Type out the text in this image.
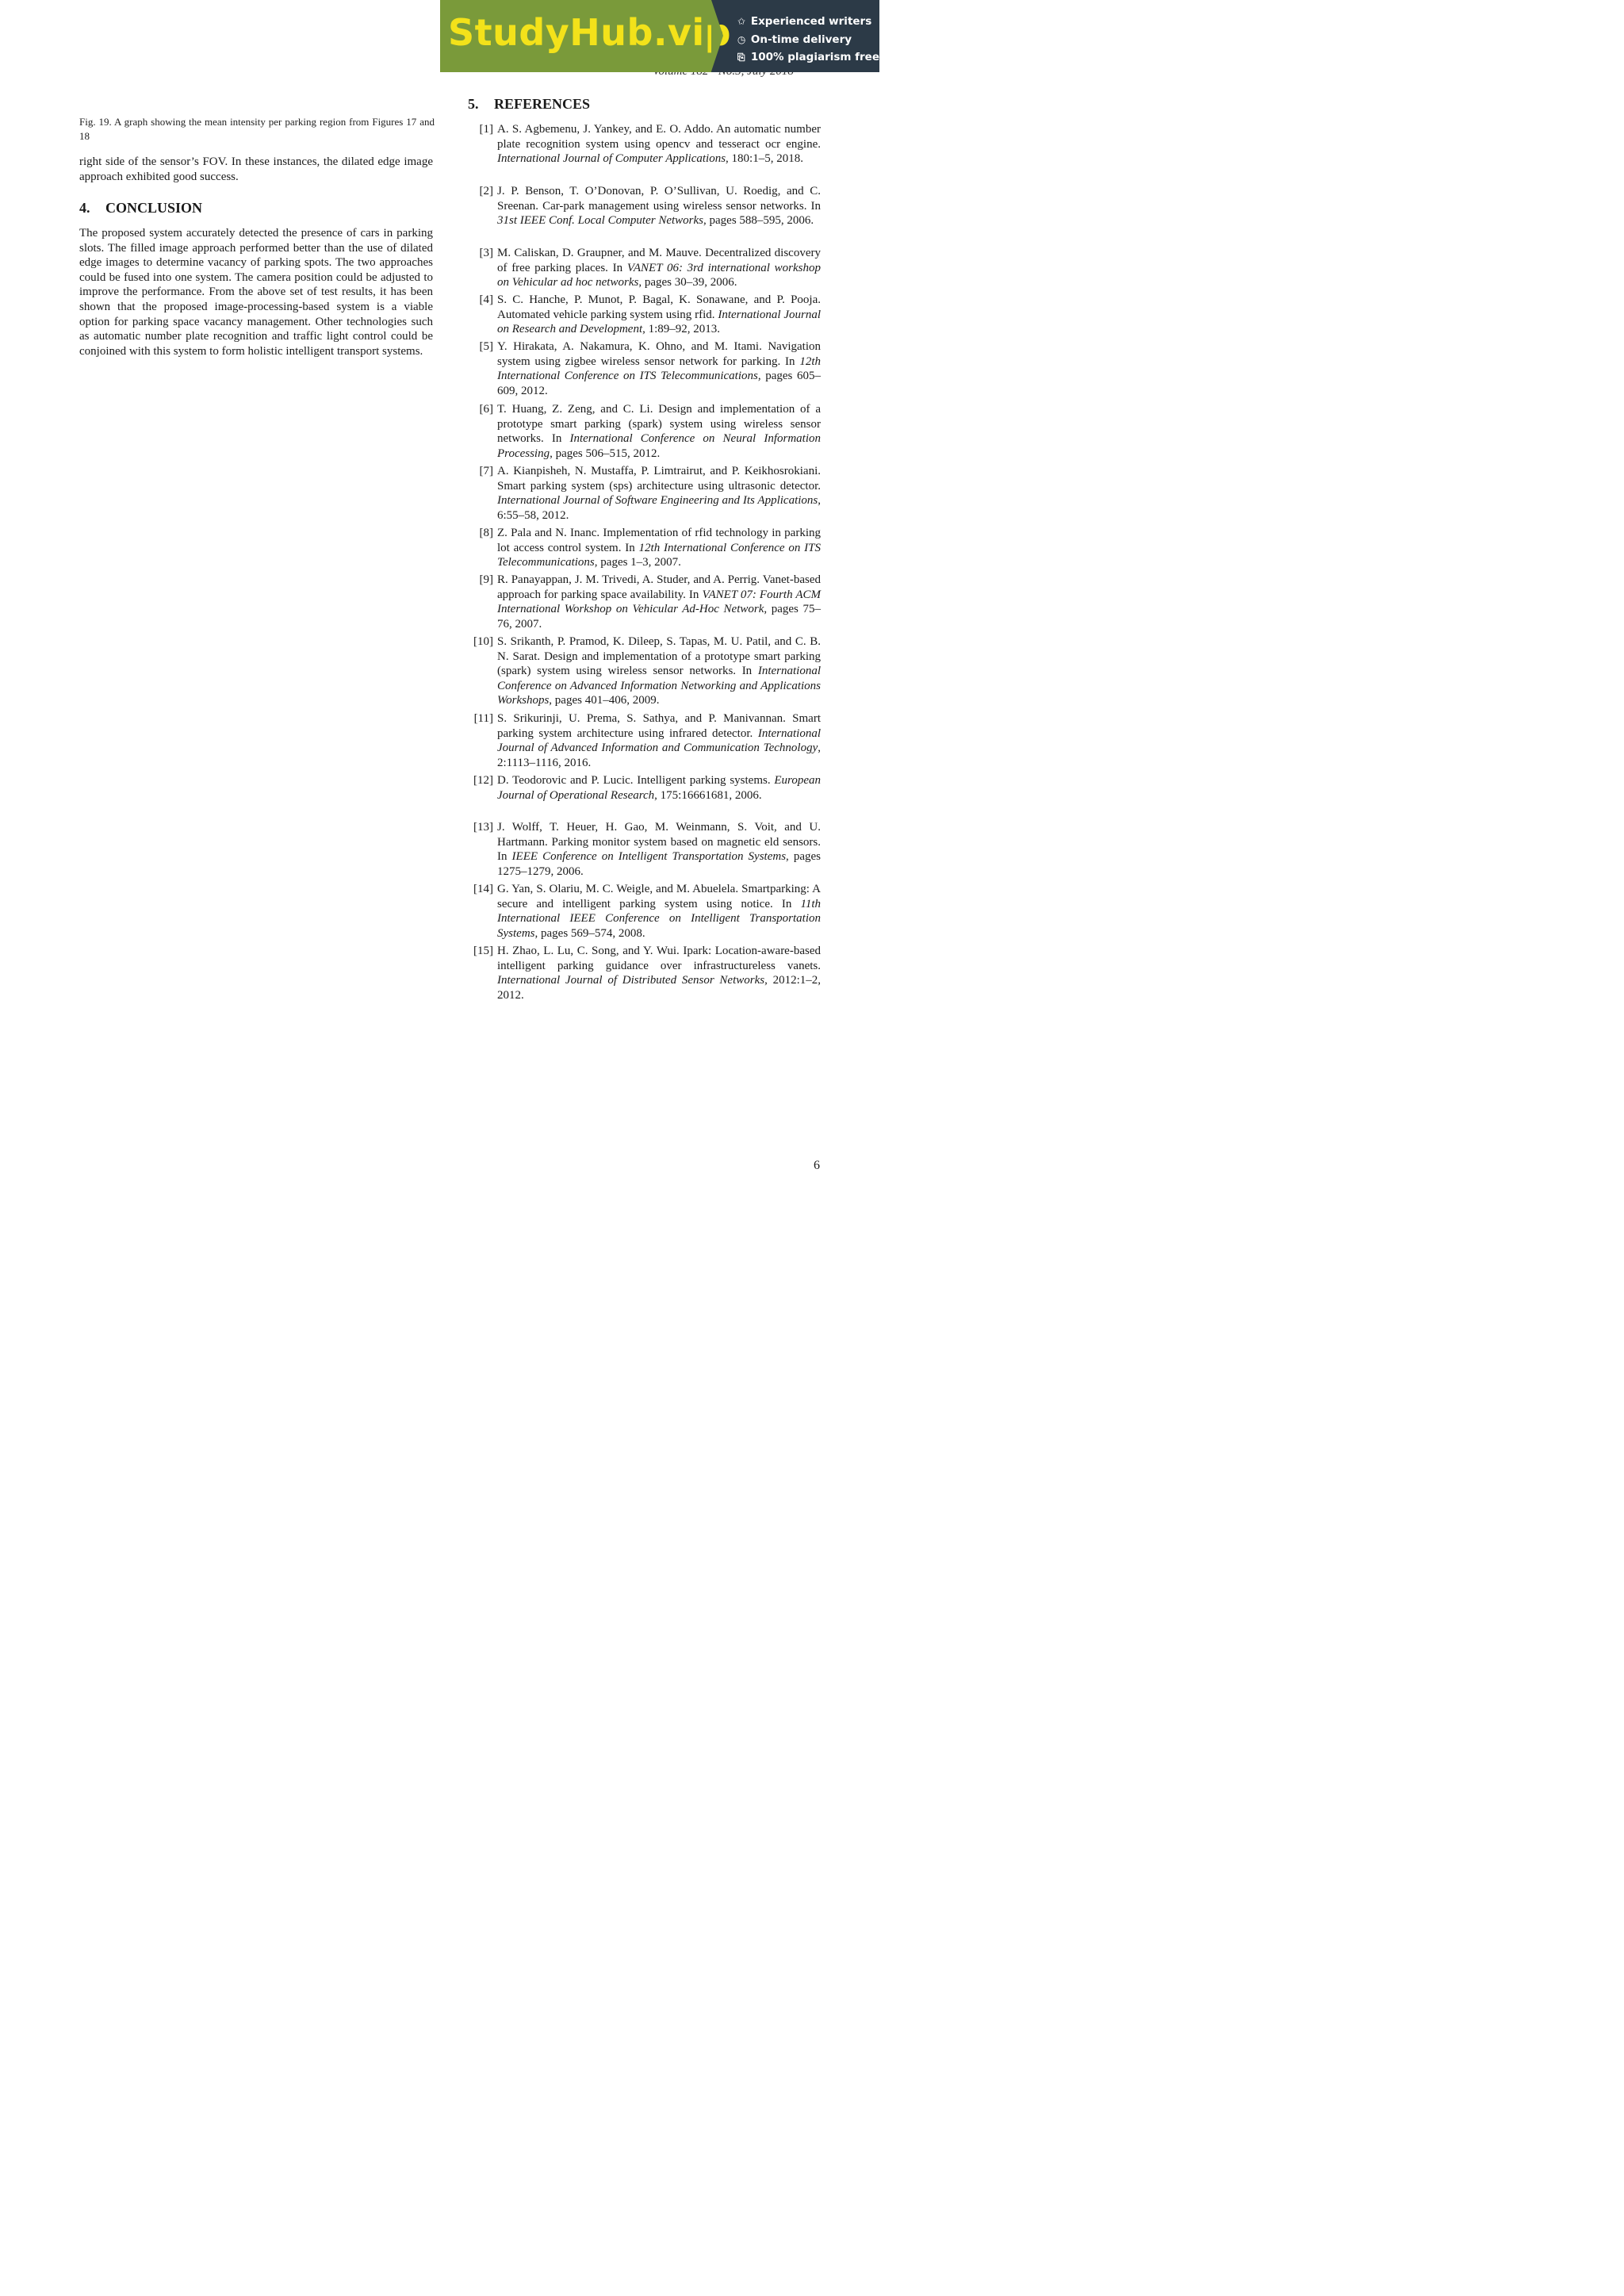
StudyHub.vip ✩ Experienced writers
◷ On-time delivery
⎘ 100% plagiarism free
Fig. 19. A graph showing the mean intensity per parking region from Figures 17 and 18
right side of the sensor’s FOV. In these instances, the dilated edge image approach exhibited good success.
4. CONCLUSION
The proposed system accurately detected the presence of cars in parking slots. The filled image approach performed better than the use of dilated edge images to determine vacancy of parking spots. The two approaches could be fused into one system. The camera position could be adjusted to improve the performance. From the above set of test results, it has been shown that the proposed image-processing-based system is a viable option for parking space vacancy management. Other technologies such as automatic number plate recognition and traffic light control could be conjoined with this system to form holistic intelligent transport systems.
5. REFERENCES
[1] A. S. Agbemenu, J. Yankey, and E. O. Addo. An automatic number plate recognition system using opencv and tesseract ocr engine. International Journal of Computer Applications, 180:1–5, 2018.
[2] J. P. Benson, T. O’Donovan, P. O’Sullivan, U. Roedig, and C. Sreenan. Car-park management using wireless sensor networks. In 31st IEEE Conf. Local Computer Networks, pages 588–595, 2006.
[3] M. Caliskan, D. Graupner, and M. Mauve. Decentralized discovery of free parking places. In VANET 06: 3rd international workshop on Vehicular ad hoc networks, pages 30–39, 2006.
[4] S. C. Hanche, P. Munot, P. Bagal, K. Sonawane, and P. Pooja. Automated vehicle parking system using rfid. International Journal on Research and Development, 1:89–92, 2013.
[5] Y. Hirakata, A. Nakamura, K. Ohno, and M. Itami. Navigation system using zigbee wireless sensor network for parking. In 12th International Conference on ITS Telecommunications, pages 605–609, 2012.
[6] T. Huang, Z. Zeng, and C. Li. Design and implementation of a prototype smart parking (spark) system using wireless sensor networks. In International Conference on Neural Information Processing, pages 506–515, 2012.
[7] A. Kianpisheh, N. Mustaffa, P. Limtrairut, and P. Keikhosrokiani. Smart parking system (sps) architecture using ultrasonic detector. International Journal of Software Engineering and Its Applications, 6:55–58, 2012.
[8] Z. Pala and N. Inanc. Implementation of rfid technology in parking lot access control system. In 12th International Conference on ITS Telecommunications, pages 1–3, 2007.
[9] R. Panayappan, J. M. Trivedi, A. Studer, and A. Perrig. Vanet-based approach for parking space availability. In VANET 07: Fourth ACM International Workshop on Vehicular Ad-Hoc Network, pages 75–76, 2007.
[10] S. Srikanth, P. Pramod, K. Dileep, S. Tapas, M. U. Patil, and C. B. N. Sarat. Design and implementation of a prototype smart parking (spark) system using wireless sensor networks. In International Conference on Advanced Information Networking and Applications Workshops, pages 401–406, 2009.
[11] S. Srikurinji, U. Prema, S. Sathya, and P. Manivannan. Smart parking system architecture using infrared detector. International Journal of Advanced Information and Communication Technology, 2:1113–1116, 2016.
[12] D. Teodorovic and P. Lucic. Intelligent parking systems. European Journal of Operational Research, 175:16661681, 2006.
[13] J. Wolff, T. Heuer, H. Gao, M. Weinmann, S. Voit, and U. Hartmann. Parking monitor system based on magnetic eld sensors. In IEEE Conference on Intelligent Transportation Systems, pages 1275–1279, 2006.
[14] G. Yan, S. Olariu, M. C. Weigle, and M. Abuelela. Smartparking: A secure and intelligent parking system using notice. In 11th International IEEE Conference on Intelligent Transportation Systems, pages 569–574, 2008.
[15] H. Zhao, L. Lu, C. Song, and Y. Wui. Ipark: Location-aware-based intelligent parking guidance over infrastructureless vanets. International Journal of Distributed Sensor Networks, 2012:1–2, 2012.
6
